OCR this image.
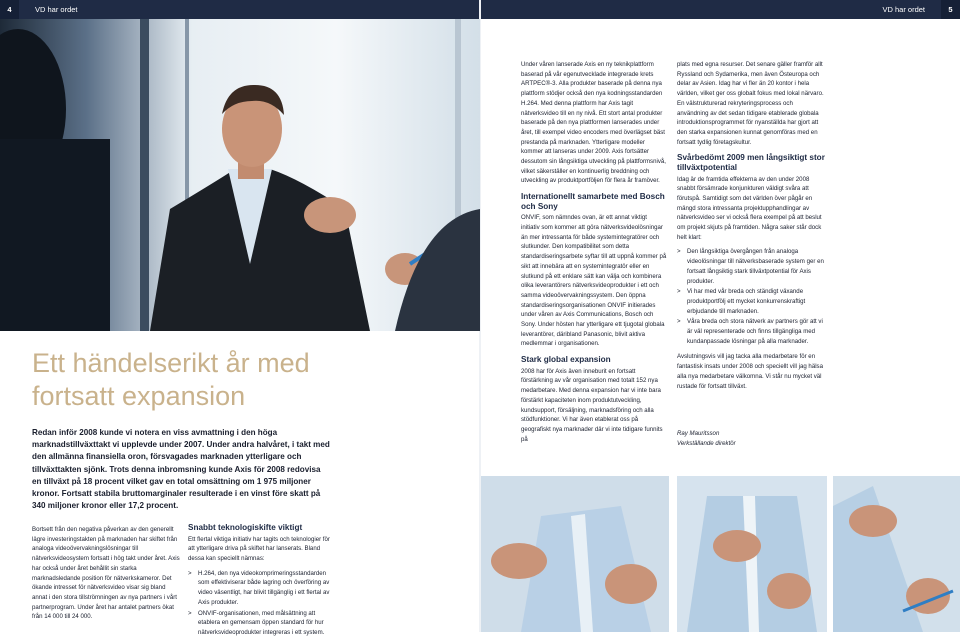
4	VD har ordet	VD har ordet	5
Ett händelserikt år med
fortsatt expansion
Redan inför 2008 kunde vi notera en viss avmattning i den höga marknadstillväxttakt vi upplevde under 2007. Under andra halvåret, i takt med den allmänna finansiella oron, försvagades marknaden ytterligare och tillväxttakten sjönk. Trots denna inbromsning kunde Axis för 2008 redovisa en tillväxt på 18 procent vilket gav en total omsättning om 1 975 miljoner kronor. Fortsatt stabila bruttomarginaler resulterade i en vinst före skatt på 340 miljoner kronor eller 17,2 procent.

Bortsett från den negativa påverkan av den generellt lägre investeringstakten på marknaden har skiftet från analoga videoövervakningslösningar till nätverksvideosystem fortsatt i hög takt under året. Axis har också under året behållit sin starka marknadsledande position för nätverkskameror. Det ökande intresset för nätverksvideo visar sig bland annat i den stora tillströmningen av nya partners i vårt partnerprogram. Under året har antalet partners ökat från 14 000 till 24 000.

Snabbt teknologiskifte viktigt

Ett flertal viktiga initiativ har tagits och teknologier för att ytterligare driva på skiftet har lanserats. Bland dessa kan speciellt nämnas:

> H.264, den nya videokomprimeringsstandarden som effektiviserar både lagring och överföring av video väsentligt, har blivit tillgänglig i ett flertal av Axis produkter.
> ONVIF-organisationen, med målsättning att etablera en gemensam öppen standard för hur nätverksvideoprodukter integreras i ett system.

Under våren lanserade Axis en ny teknikplattform baserad på vår egenutvecklade integrerade krets ARTPEC®-3. Alla produkter baserade på denna nya plattform stödjer också den nya kodningsstandarden H.264. Med denna plattform har Axis tagit nätverksvideo till en ny nivå. Ett stort antal produkter baserade på den nya plattformen lanserades under året, till exempel video encoders med överlägset bäst prestanda på marknaden. Ytterligare modeller kommer att lanseras under 2009. Axis fortsätter dessutom sin långsiktiga utveckling på plattformsnivå, vilket säkerställer en kontinuerlig breddning och utveckling av produktportföljen för flera år framöver.

Internationellt samarbete med Bosch och Sony

ONVIF, som nämndes ovan, är ett annat viktigt initiativ som kommer att göra nätverksvideolösningar än mer intressanta för både systemintegratörer och slutkunder. Den kompatibilitet som detta standardiseringsarbete syftar till att uppnå kommer på sikt att innebära att en systemintegratör eller en slutkund på ett enklare sätt kan välja och kombinera olika leverantörers nätverksvideoprodukter i ett och samma videoövervakningssystem. Den öppna standardiseringsorganisationen ONVIF initierades under våren av Axis Communications, Bosch och Sony. Under hösten har ytterligare ett tjugotal globala leverantörer, däribland Panasonic, blivit aktiva medlemmar i organisationen.

Stark global expansion

2008 har för Axis även inneburit en fortsatt förstärkning av vår organisation med totalt 152 nya medarbetare. Med denna expansion har vi inte bara förstärkt kapaciteten inom produktutveckling, kundsupport, försäljning, marknadsföring och alla stödfunktioner. Vi har även etablerat oss på geografiskt nya marknader där vi inte tidigare funnits på

plats med egna resurser. Det senare gäller framför allt Ryssland och Sydamerika, men även Östeuropa och delar av Asien. Idag har vi fler än 20 kontor i hela världen, vilket ger oss globalt fokus med lokal närvaro. En välstrukturerad rekryteringsprocess och användning av det sedan tidigare etablerade globala introduktionsprogrammet för nyanställda har gjort att den starka expansionen kunnat genomföras med en fortsatt tydlig företagskultur.

Svårbedömt 2009 men långsiktigt stor tillväxtpotential

Idag är de framtida effekterna av den under 2008 snabbt försämrade konjunkturen väldigt svåra att förutspå. Samtidigt som det världen över pågår en mängd stora intressanta projektupphandlingar av nätverksvideo ser vi också flera exempel på att beslut om projekt skjuts på framtiden. Några saker står dock helt klart:

> Den långsiktiga övergången från analoga videolösningar till nätverksbaserade system ger en fortsatt långsiktig stark tillväxtpotential för Axis produkter.
> Vi har med vår breda och ständigt växande produktportfölj ett mycket konkurrenskraftigt erbjudande till marknaden.
> Våra breda och stora nätverk av partners gör att vi är väl representerade och finns tillgängliga med kundanpassade lösningar på alla marknader.

Avslutningsvis vill jag tacka alla medarbetare för en fantastisk insats under 2008 och speciellt vill jag hälsa alla nya medarbetare välkomna. Vi står nu mycket väl rustade för fortsatt tillväxt.

Ray Mauritsson
Verkställande direktör
